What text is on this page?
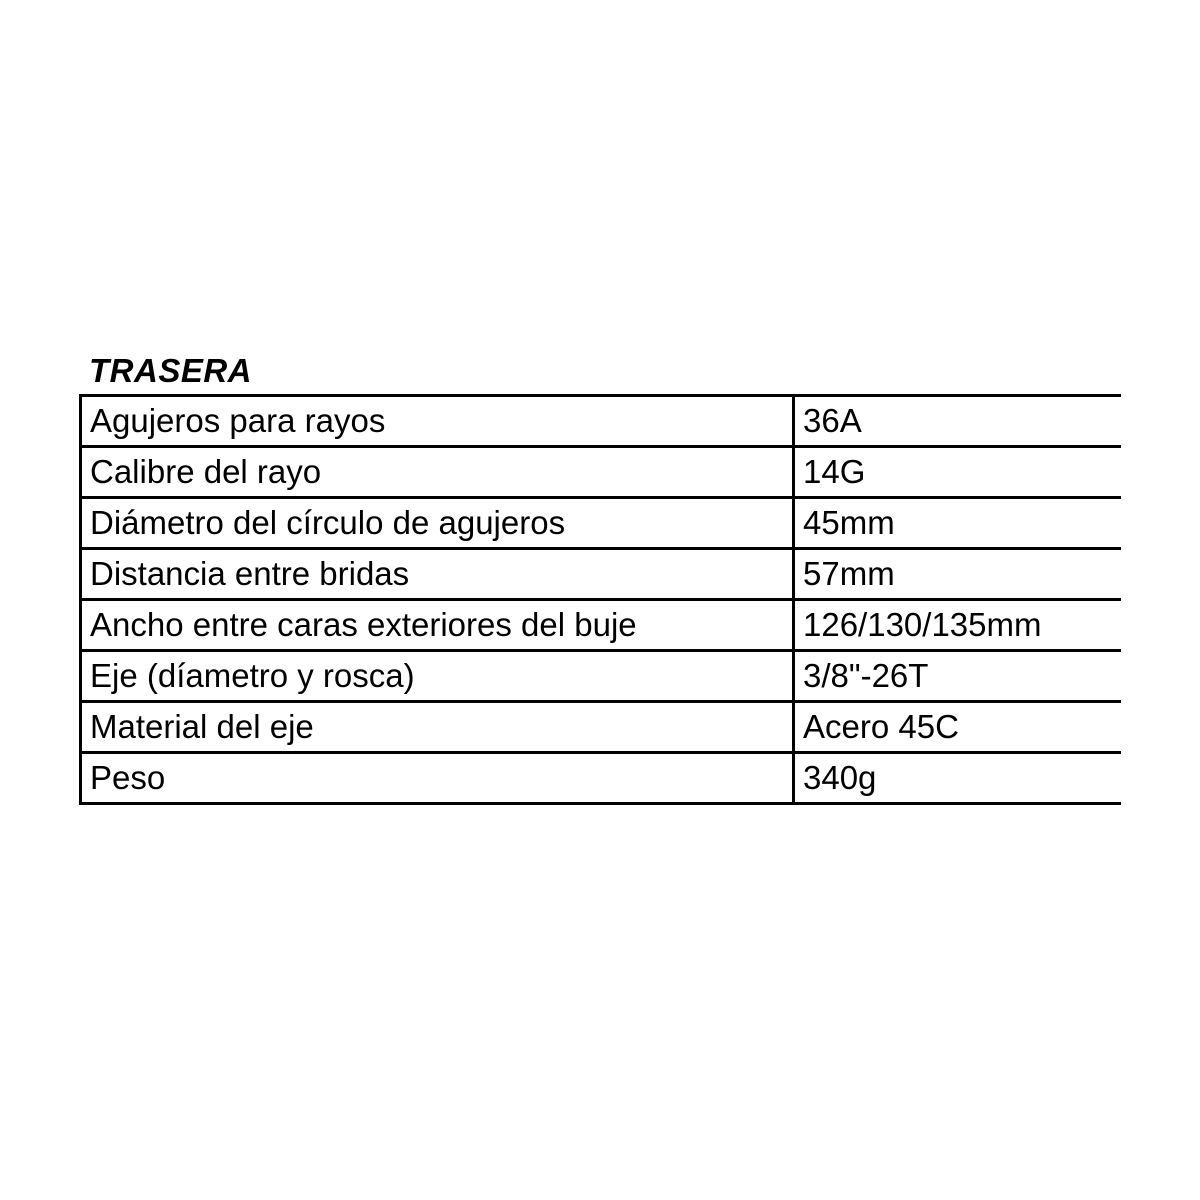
TRASERA
Agujeros para rayos	36A
Calibre del rayo	14G
Diámetro del círculo de agujeros	45mm
Distancia entre bridas	57mm
Ancho entre caras exteriores del buje	126/130/135mm
Eje (díametro y rosca)	3/8"-26T
Material del eje	Acero 45C
Peso	340g
